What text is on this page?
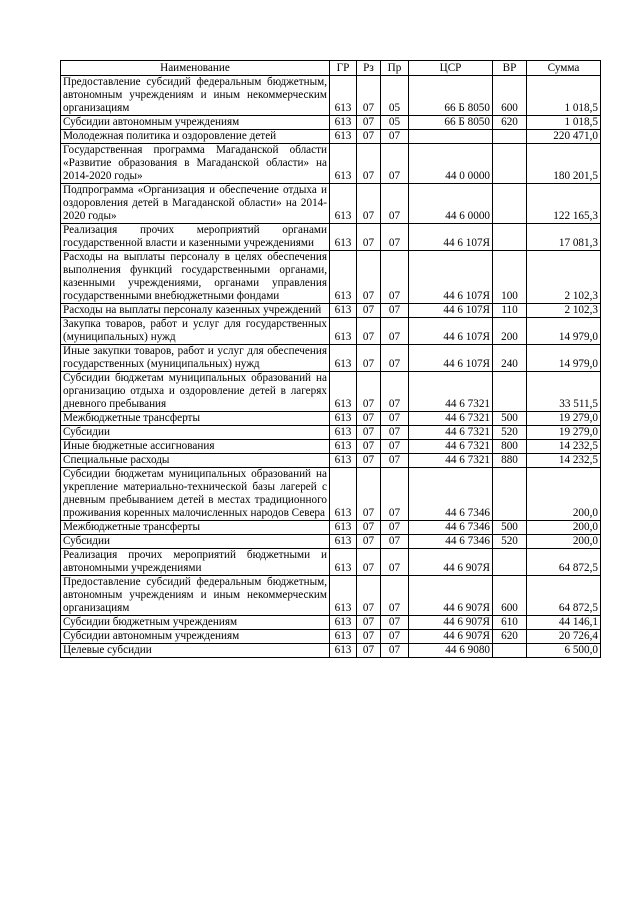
Наименование	ГР	Рз	Пр	ЦСР	ВР	Сумма
Предоставление субсидий федеральным бюджетным, автономным учреждениям и иным некоммерческим организациям	613	07	05	66 Б 8050	600	1 018,5
Субсидии автономным учреждениям	613	07	05	66 Б 8050	620	1 018,5
Молодежная политика и оздоровление детей	613	07	07			220 471,0
Государственная программа Магаданской области «Развитие образования в Магаданской области» на 2014-2020 годы»	613	07	07	44 0 0000		180 201,5
Подпрограмма «Организация и обеспечение отдыха и оздоровления детей в Магаданской области» на 2014-2020 годы»	613	07	07	44 6 0000		122 165,3
Реализация прочих мероприятий органами государственной власти и казенными учреждениями	613	07	07	44 6 107Я		17 081,3
Расходы на выплаты персоналу в целях обеспечения выполнения функций государственными органами, казенными учреждениями, органами управления государственными внебюджетными фондами	613	07	07	44 6 107Я	100	2 102,3
Расходы на выплаты персоналу казенных учреждений	613	07	07	44 6 107Я	110	2 102,3
Закупка товаров, работ и услуг для государственных (муниципальных) нужд	613	07	07	44 6 107Я	200	14 979,0
Иные закупки товаров, работ и услуг для обеспечения государственных (муниципальных) нужд	613	07	07	44 6 107Я	240	14 979,0
Субсидии бюджетам муниципальных образований на организацию отдыха и оздоровление детей в лагерях дневного пребывания	613	07	07	44 6 7321		33 511,5
Межбюджетные трансферты	613	07	07	44 6 7321	500	19 279,0
Субсидии	613	07	07	44 6 7321	520	19 279,0
Иные бюджетные ассигнования	613	07	07	44 6 7321	800	14 232,5
Специальные расходы	613	07	07	44 6 7321	880	14 232,5
Субсидии бюджетам муниципальных образований на укрепление материально-технической базы лагерей с дневным пребыванием детей в местах традиционного проживания коренных малочисленных народов Севера	613	07	07	44 6 7346		200,0
Межбюджетные трансферты	613	07	07	44 6 7346	500	200,0
Субсидии	613	07	07	44 6 7346	520	200,0
Реализация прочих мероприятий бюджетными и автономными учреждениями	613	07	07	44 6 907Я		64 872,5
Предоставление субсидий федеральным бюджетным, автономным учреждениям и иным некоммерческим организациям	613	07	07	44 6 907Я	600	64 872,5
Субсидии бюджетным учреждениям	613	07	07	44 6 907Я	610	44 146,1
Субсидии автономным учреждениям	613	07	07	44 6 907Я	620	20 726,4
Целевые субсидии	613	07	07	44 6 9080		6 500,0
